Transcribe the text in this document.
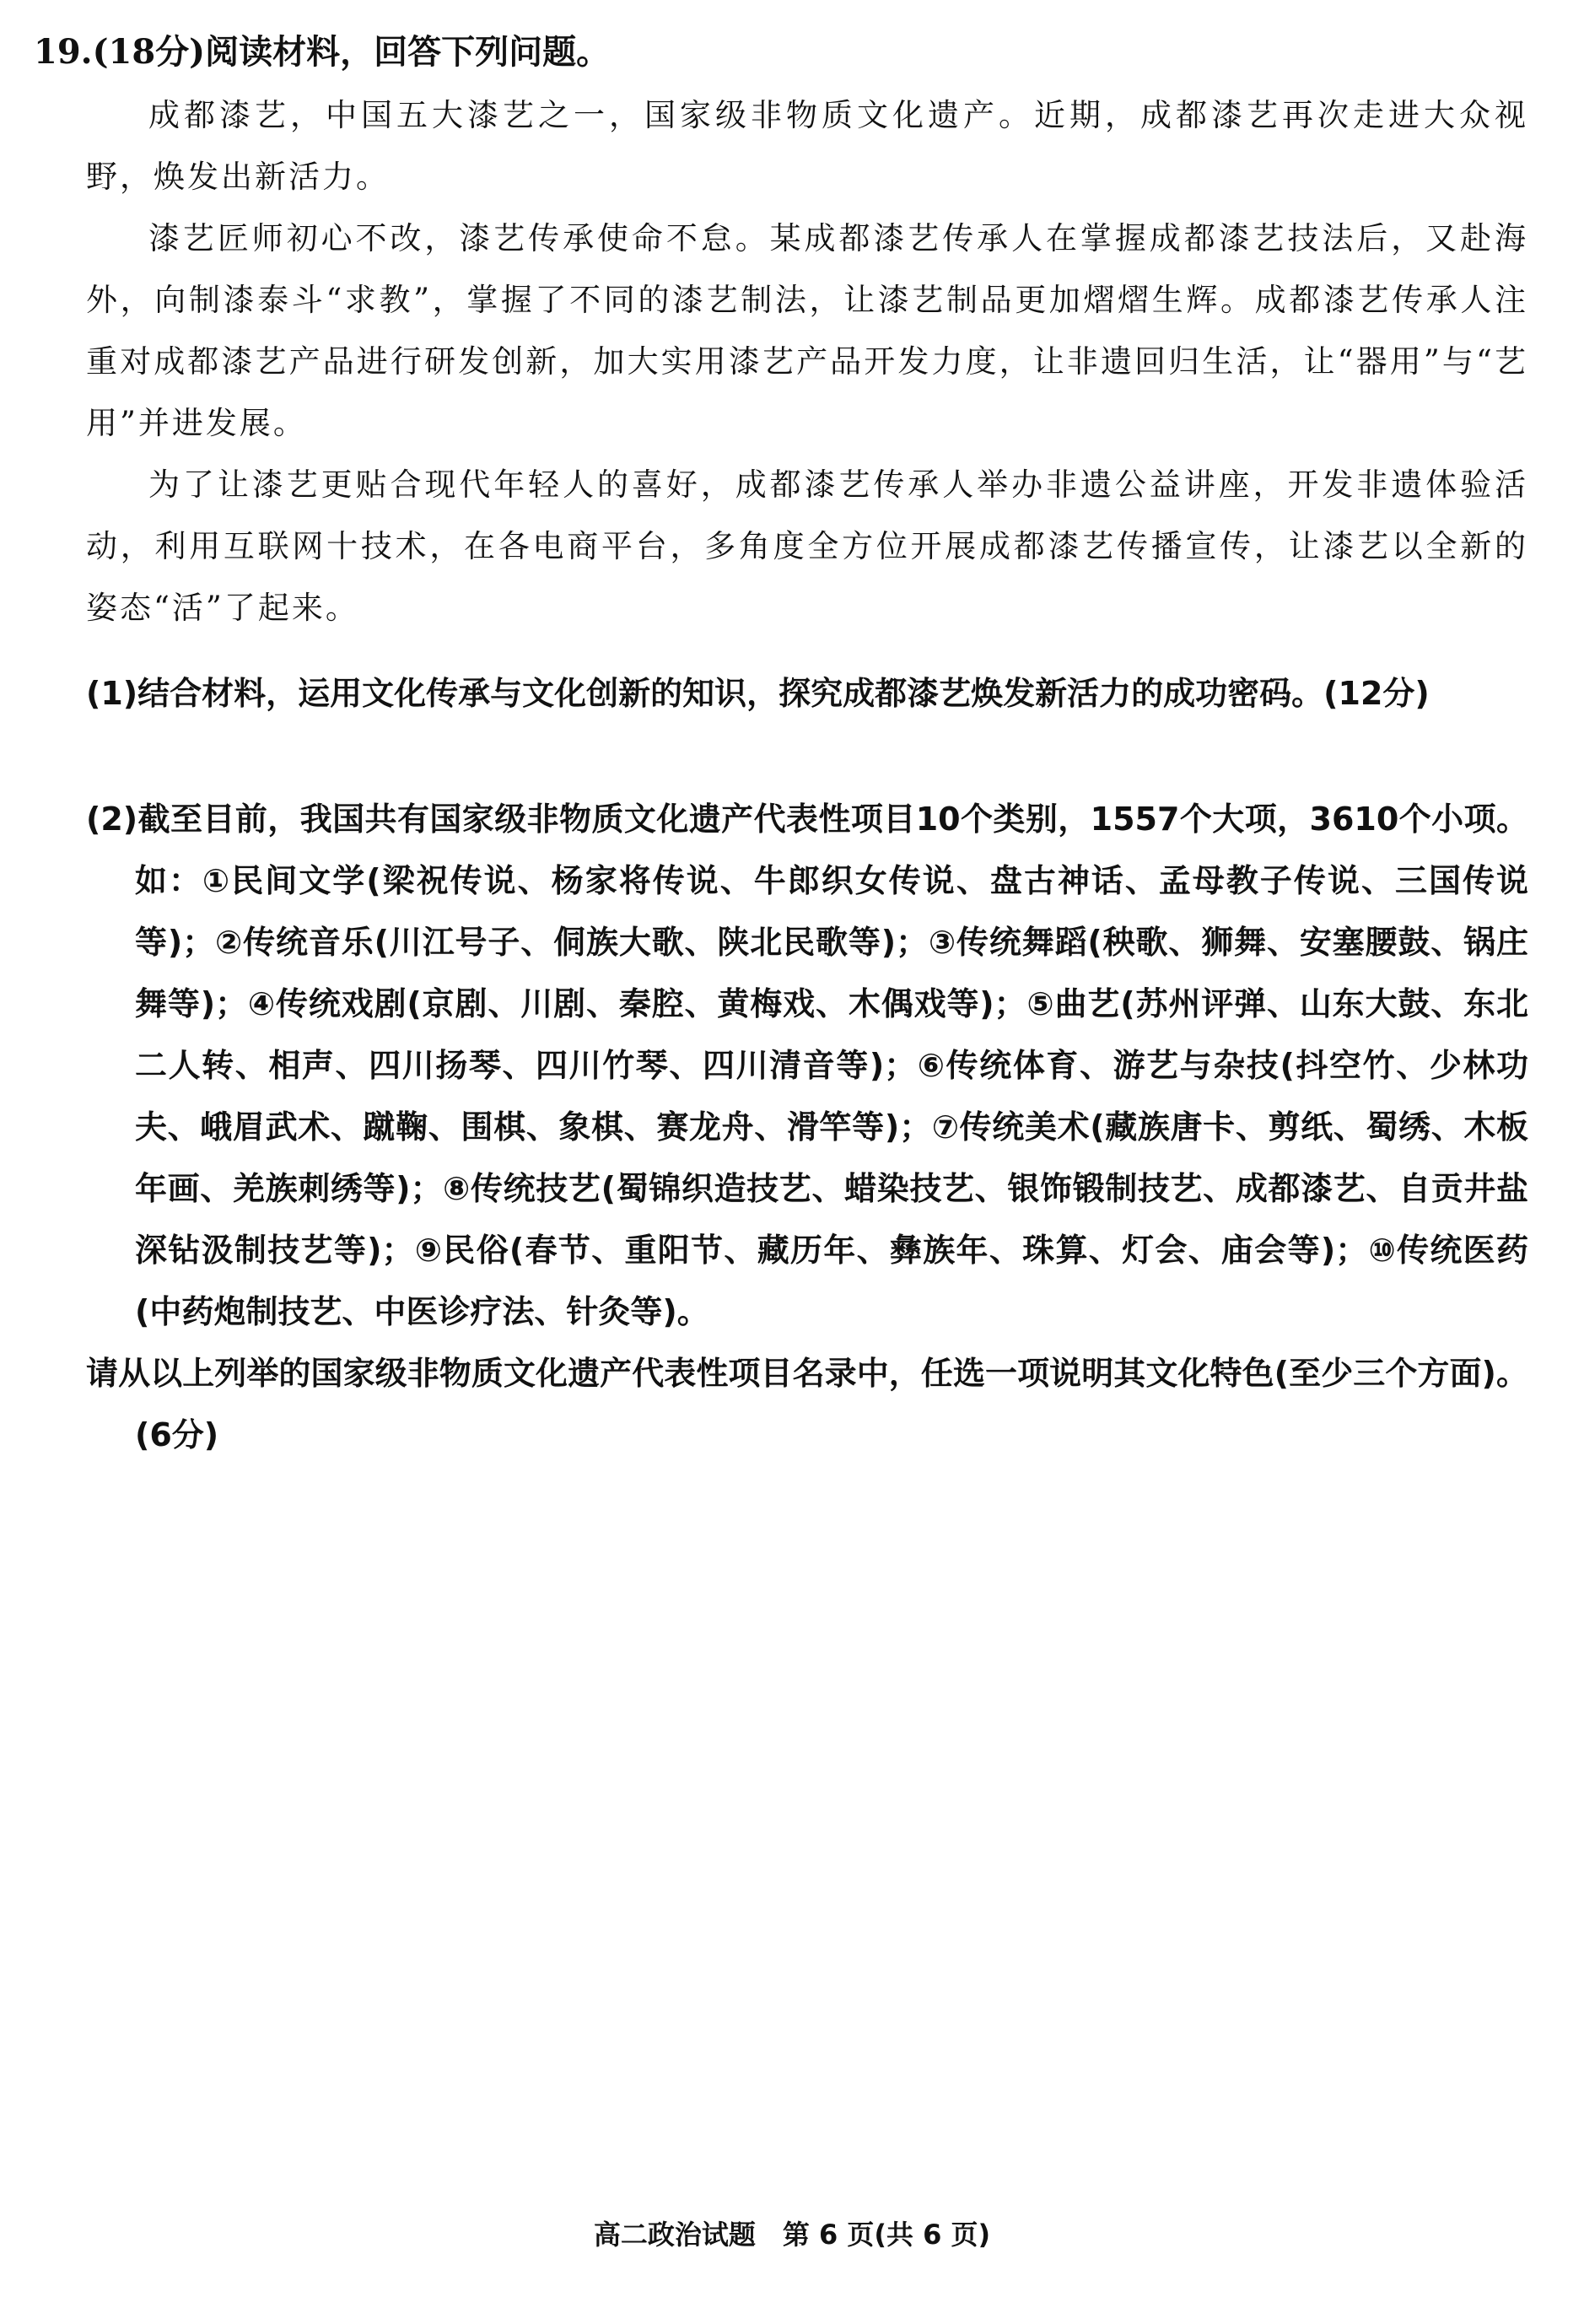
19.(18分)阅读材料，回答下列问题。

成都漆艺，中国五大漆艺之一，国家级非物质文化遗产。近期，成都漆艺再次走进大众视野，焕发出新活力。

漆艺匠师初心不改，漆艺传承使命不怠。某成都漆艺传承人在掌握成都漆艺技法后，又赴海外，向制漆泰斗“求教”，掌握了不同的漆艺制法，让漆艺制品更加熠熠生辉。成都漆艺传承人注重对成都漆艺产品进行研发创新，加大实用漆艺产品开发力度，让非遗回归生活，让“器用”与“艺用”并进发展。

为了让漆艺更贴合现代年轻人的喜好，成都漆艺传承人举办非遗公益讲座，开发非遗体验活动，利用互联网十技术，在各电商平台，多角度全方位开展成都漆艺传播宣传，让漆艺以全新的姿态“活”了起来。

(1)结合材料，运用文化传承与文化创新的知识，探究成都漆艺焕发新活力的成功密码。(12分)

(2)截至目前，我国共有国家级非物质文化遗产代表性项目10个类别，1557个大项，3610个小项。如：①民间文学(梁祝传说、杨家将传说、牛郎织女传说、盘古神话、孟母教子传说、三国传说等)；②传统音乐(川江号子、侗族大歌、陕北民歌等)；③传统舞蹈(秧歌、狮舞、安塞腰鼓、锅庄舞等)；④传统戏剧(京剧、川剧、秦腔、黄梅戏、木偶戏等)；⑤曲艺(苏州评弹、山东大鼓、东北二人转、相声、四川扬琴、四川竹琴、四川清音等)；⑥传统体育、游艺与杂技(抖空竹、少林功夫、峨眉武术、蹴鞠、围棋、象棋、赛龙舟、滑竿等)；⑦传统美术(藏族唐卡、剪纸、蜀绣、木板年画、羌族刺绣等)；⑧传统技艺(蜀锦织造技艺、蜡染技艺、银饰锻制技艺、成都漆艺、自贡井盐深钻汲制技艺等)；⑨民俗(春节、重阳节、藏历年、彝族年、珠算、灯会、庙会等)；⑩传统医药(中药炮制技艺、中医诊疗法、针灸等)。

请从以上列举的国家级非物质文化遗产代表性项目名录中，任选一项说明其文化特色(至少三个方面)。(6分)

高二政治试题　第 6 页(共 6 页)
